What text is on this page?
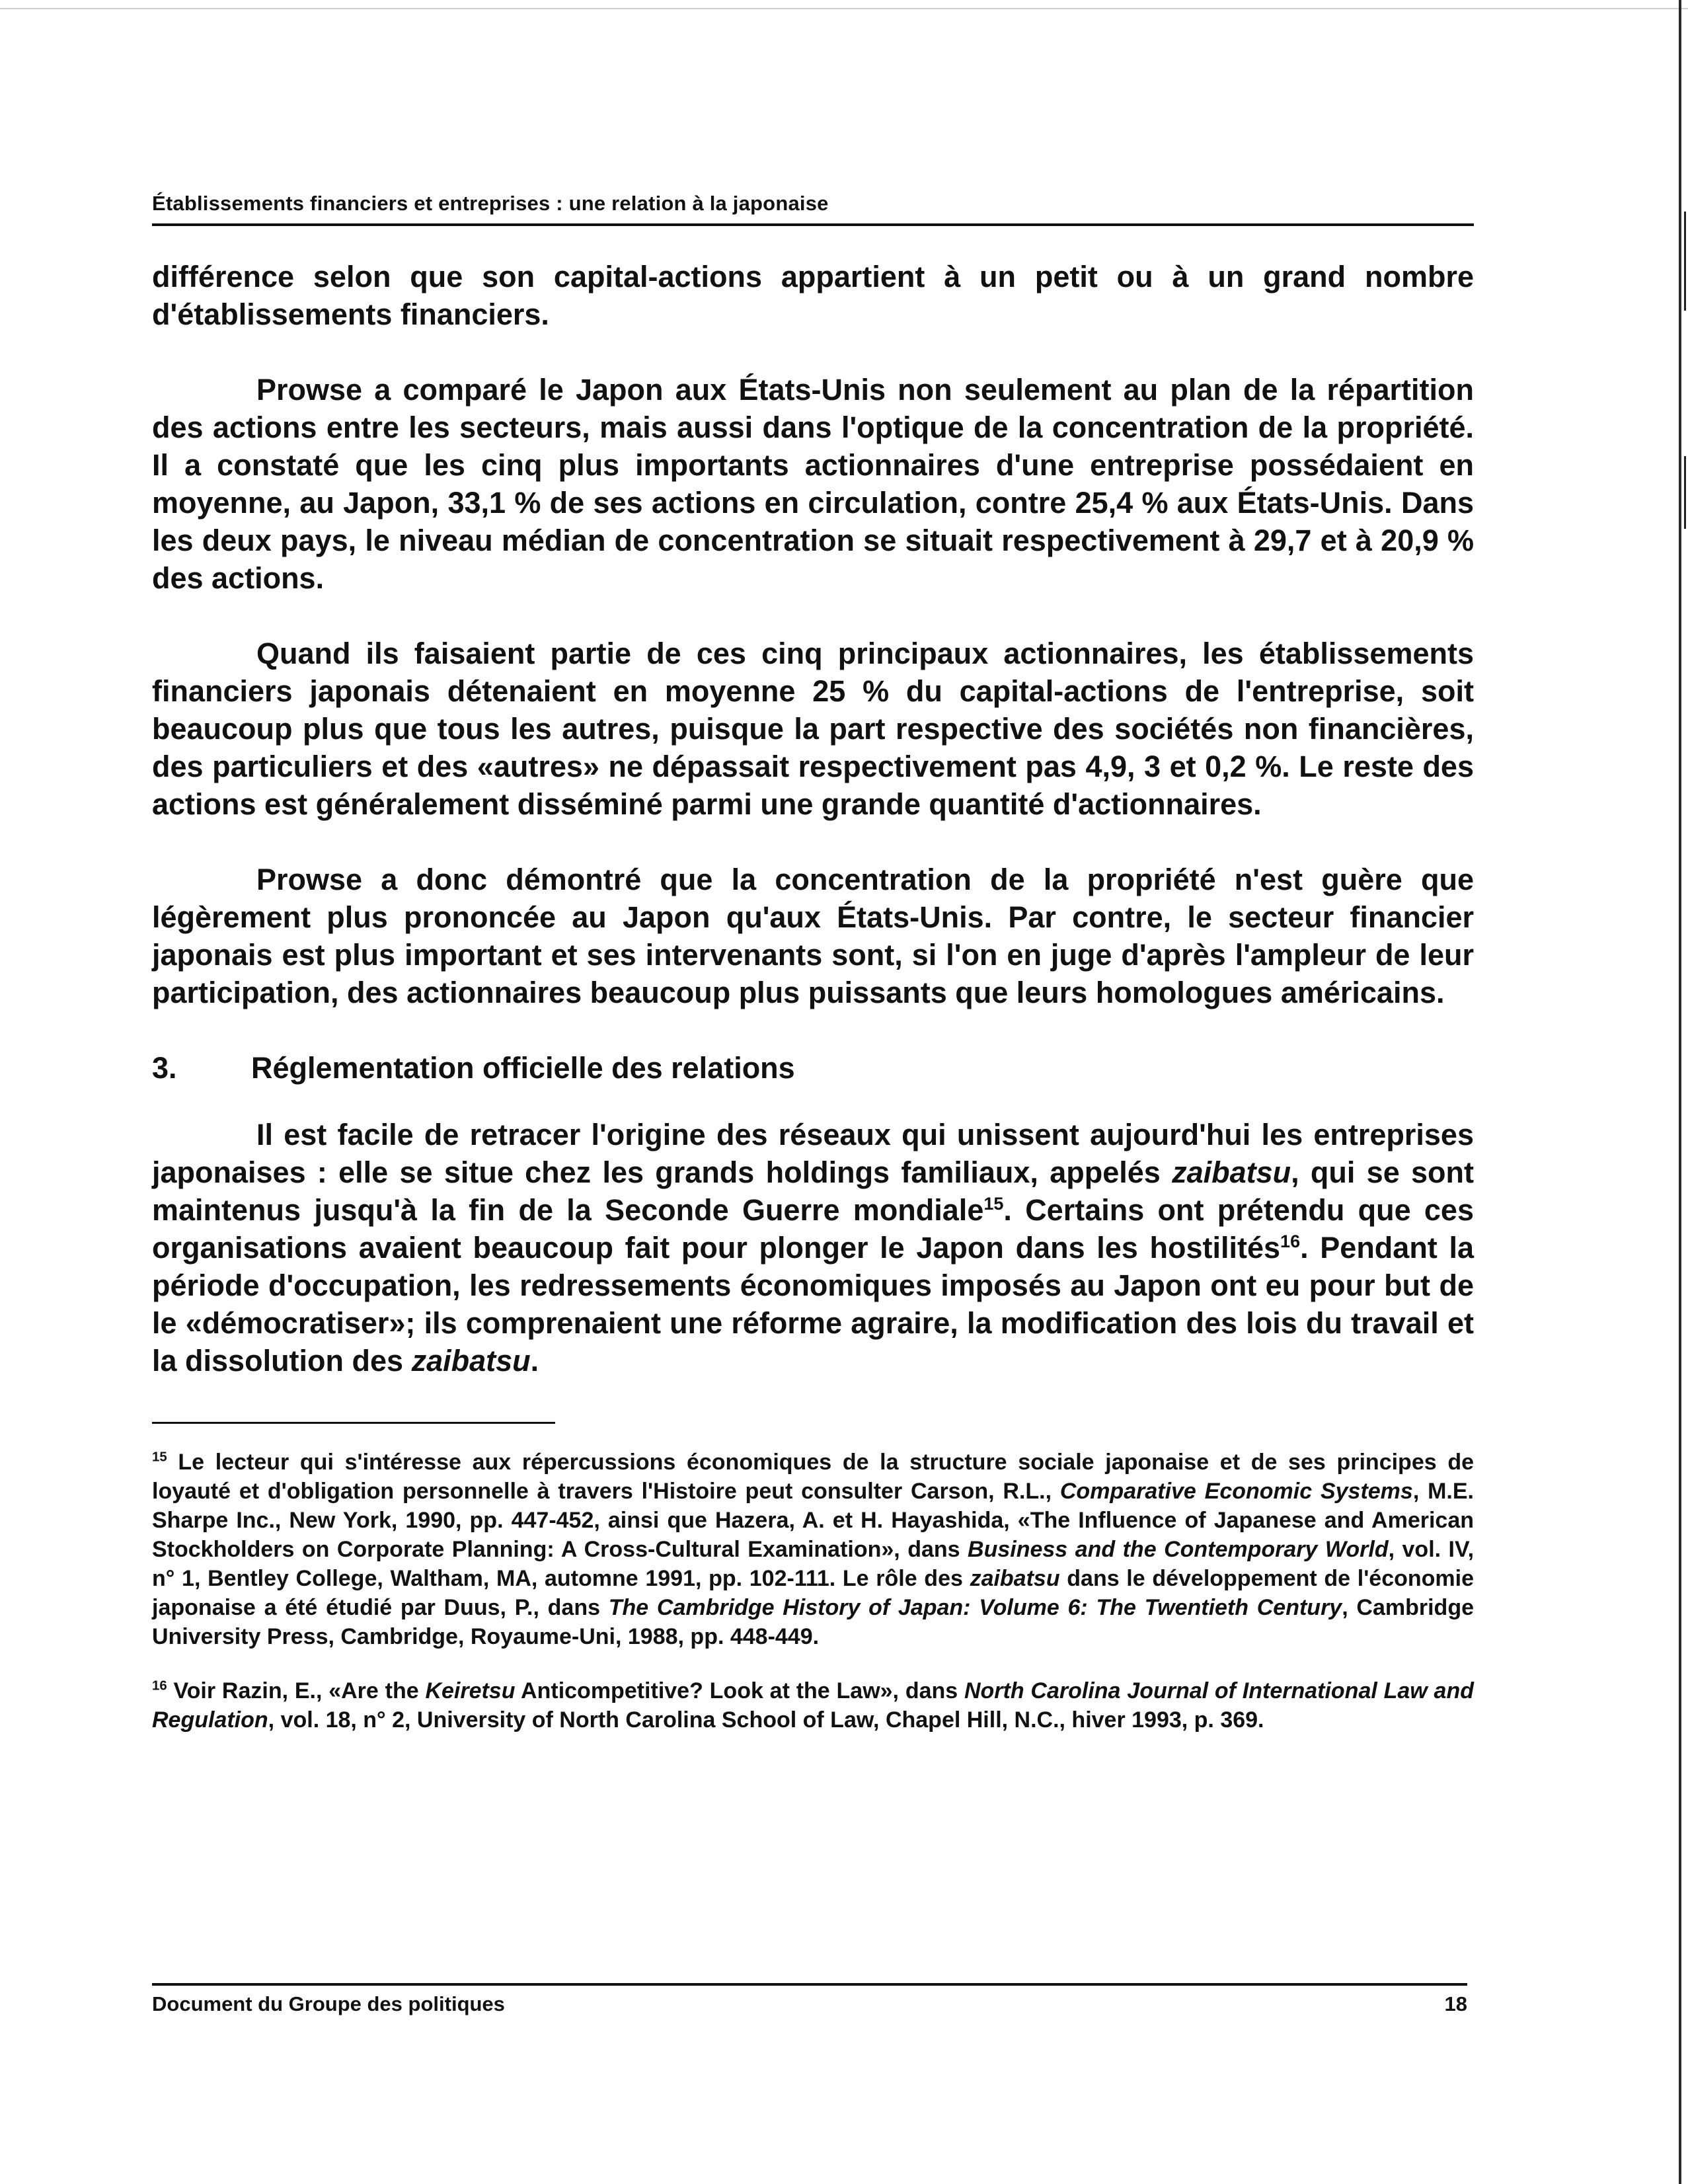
Établissements financiers et entreprises : une relation à la japonaise

différence selon que son capital-actions appartient à un petit ou à un grand nombre d'établissements financiers.

Prowse a comparé le Japon aux États-Unis non seulement au plan de la répartition des actions entre les secteurs, mais aussi dans l'optique de la concentration de la propriété. Il a constaté que les cinq plus importants actionnaires d'une entreprise possédaient en moyenne, au Japon, 33,1 % de ses actions en circulation, contre 25,4 % aux États-Unis. Dans les deux pays, le niveau médian de concentration se situait respectivement à 29,7 et à 20,9 % des actions.

Quand ils faisaient partie de ces cinq principaux actionnaires, les établissements financiers japonais détenaient en moyenne 25 % du capital-actions de l'entreprise, soit beaucoup plus que tous les autres, puisque la part respective des sociétés non financières, des particuliers et des «autres» ne dépassait respectivement pas 4,9, 3 et 0,2 %. Le reste des actions est généralement disséminé parmi une grande quantité d'actionnaires.

Prowse a donc démontré que la concentration de la propriété n'est guère que légèrement plus prononcée au Japon qu'aux États-Unis. Par contre, le secteur financier japonais est plus important et ses intervenants sont, si l'on en juge d'après l'ampleur de leur participation, des actionnaires beaucoup plus puissants que leurs homologues américains.

3.	Réglementation officielle des relations

Il est facile de retracer l'origine des réseaux qui unissent aujourd'hui les entreprises japonaises : elle se situe chez les grands holdings familiaux, appelés zaibatsu, qui se sont maintenus jusqu'à la fin de la Seconde Guerre mondiale$^{15}$. Certains ont prétendu que ces organisations avaient beaucoup fait pour plonger le Japon dans les hostilités$^{16}$. Pendant la période d'occupation, les redressements économiques imposés au Japon ont eu pour but de le «démocratiser»; ils comprenaient une réforme agraire, la modification des lois du travail et la dissolution des zaibatsu.

$^{15}$ Le lecteur qui s'intéresse aux répercussions économiques de la structure sociale japonaise et de ses principes de loyauté et d'obligation personnelle à travers l'Histoire peut consulter Carson, R.L., Comparative Economic Systems, M.E. Sharpe Inc., New York, 1990, pp. 447-452, ainsi que Hazera, A. et H. Hayashida, «The Influence of Japanese and American Stockholders on Corporate Planning: A Cross-Cultural Examination», dans Business and the Contemporary World, vol. IV, n° 1, Bentley College, Waltham, MA, automne 1991, pp. 102-111. Le rôle des zaibatsu dans le développement de l'économie japonaise a été étudié par Duus, P., dans The Cambridge History of Japan: Volume 6: The Twentieth Century, Cambridge University Press, Cambridge, Royaume-Uni, 1988, pp. 448-449.

$^{16}$ Voir Razin, E., «Are the Keiretsu Anticompetitive? Look at the Law», dans North Carolina Journal of International Law and Regulation, vol. 18, n° 2, University of North Carolina School of Law, Chapel Hill, N.C., hiver 1993, p. 369.

Document du Groupe des politiques	18
